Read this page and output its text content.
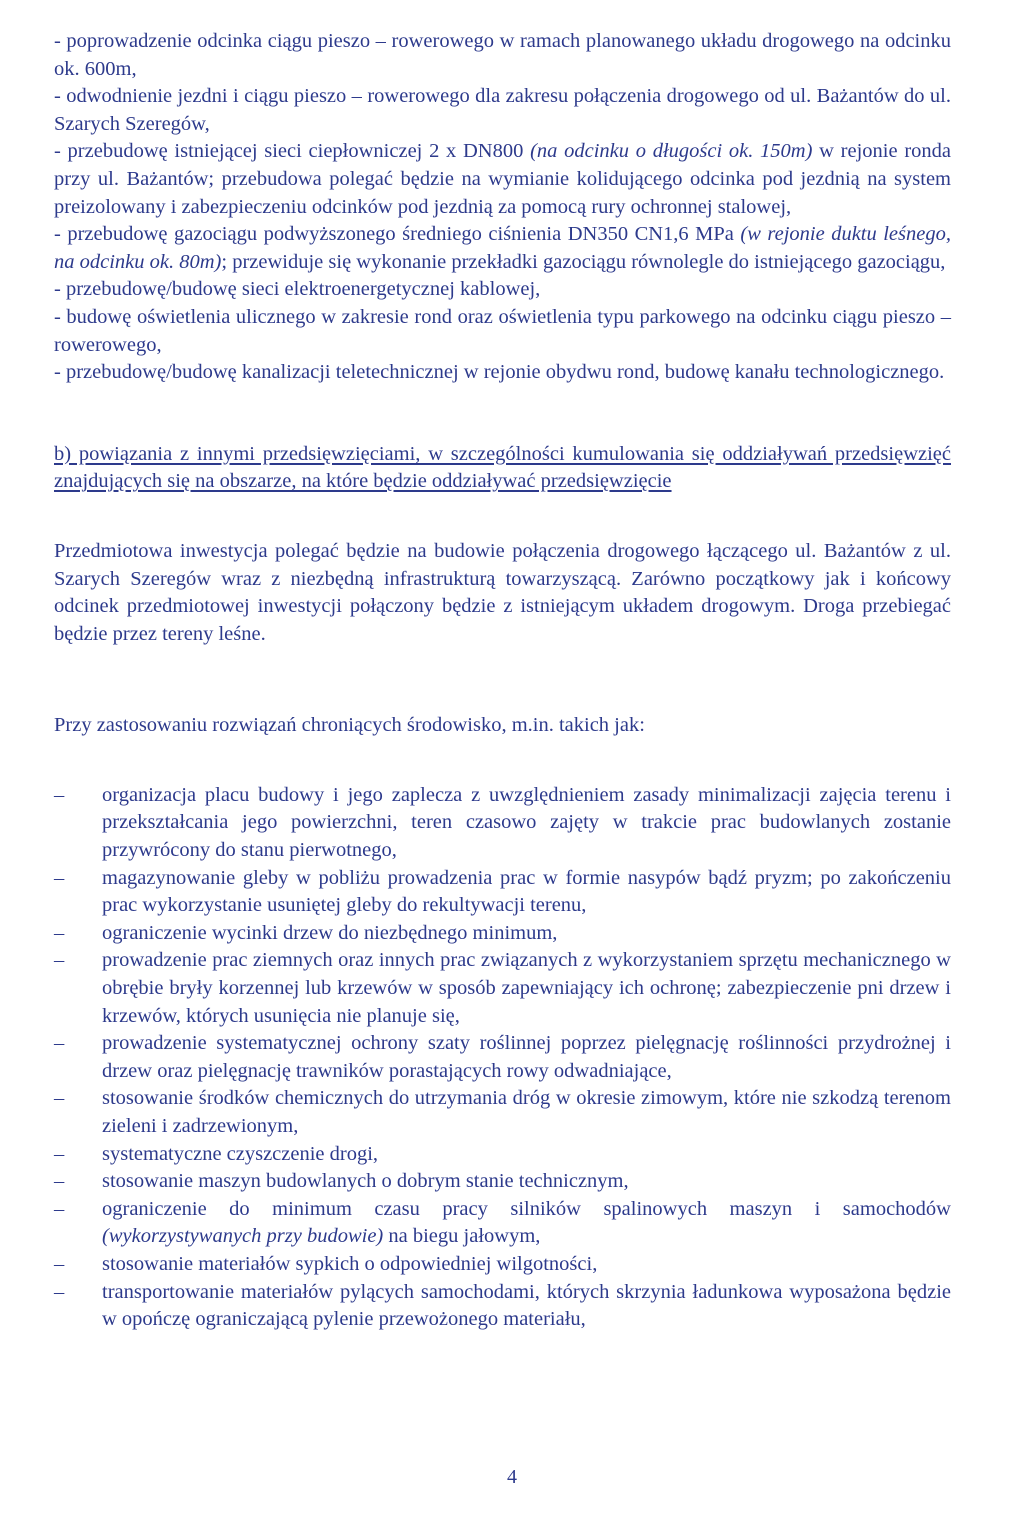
- poprowadzenie odcinka ciągu pieszo – rowerowego w ramach planowanego układu drogowego na odcinku ok. 600m,

- odwodnienie jezdni i ciągu pieszo – rowerowego dla zakresu połączenia drogowego od ul. Bażantów do ul. Szarych Szeregów,

- przebudowę istniejącej sieci ciepłowniczej 2 x DN800 (na odcinku o długości ok. 150m) w rejonie ronda przy ul. Bażantów; przebudowa polegać będzie na wymianie kolidującego odcinka pod jezdnią na system preizolowany i zabezpieczeniu odcinków pod jezdnią za pomocą rury ochronnej stalowej,

- przebudowę gazociągu podwyższonego średniego ciśnienia DN350 CN1,6 MPa (w rejonie duktu leśnego, na odcinku ok. 80m); przewiduje się wykonanie przekładki gazociągu równolegle do istniejącego gazociągu,

- przebudowę/budowę sieci elektroenergetycznej kablowej,

- budowę oświetlenia ulicznego w zakresie rond oraz oświetlenia typu parkowego na odcinku ciągu pieszo – rowerowego,

- przebudowę/budowę kanalizacji teletechnicznej w rejonie obydwu rond, budowę kanału technologicznego.

b) powiązania z innymi przedsięwzięciami, w szczególności kumulowania się oddziaływań przedsięwzięć znajdujących się na obszarze, na które będzie oddziaływać przedsięwzięcie

Przedmiotowa inwestycja polegać będzie na budowie połączenia drogowego łączącego ul. Bażantów z ul. Szarych Szeregów wraz z niezbędną infrastrukturą towarzyszącą. Zarówno początkowy jak i końcowy odcinek przedmiotowej inwestycji połączony będzie z istniejącym układem drogowym. Droga przebiegać będzie przez tereny leśne.

Przy zastosowaniu rozwiązań chroniących środowisko, m.in. takich jak:

– organizacja placu budowy i jego zaplecza z uwzględnieniem zasady minimalizacji zajęcia terenu i przekształcania jego powierzchni, teren czasowo zajęty w trakcie prac budowlanych zostanie przywrócony do stanu pierwotnego,
– magazynowanie gleby w pobliżu prowadzenia prac w formie nasypów bądź pryzm; po zakończeniu prac wykorzystanie usuniętej gleby do rekultywacji terenu,
– ograniczenie wycinki drzew do niezbędnego minimum,
– prowadzenie prac ziemnych oraz innych prac związanych z wykorzystaniem sprzętu mechanicznego w obrębie bryły korzennej lub krzewów w sposób zapewniający ich ochronę; zabezpieczenie pni drzew i krzewów, których usunięcia nie planuje się,
– prowadzenie systematycznej ochrony szaty roślinnej poprzez pielęgnację roślinności przydrożnej i drzew oraz pielęgnację trawników porastających rowy odwadniające,
– stosowanie środków chemicznych do utrzymania dróg w okresie zimowym, które nie szkodzą terenom zieleni i zadrzewionym,
– systematyczne czyszczenie drogi,
– stosowanie maszyn budowlanych o dobrym stanie technicznym,
– ograniczenie do minimum czasu pracy silników spalinowych maszyn i samochodów (wykorzystywanych przy budowie) na biegu jałowym,
– stosowanie materiałów sypkich o odpowiedniej wilgotności,
– transportowanie materiałów pylących samochodami, których skrzynia ładunkowa wyposażona będzie w opończę ograniczającą pylenie przewożonego materiału,
4
